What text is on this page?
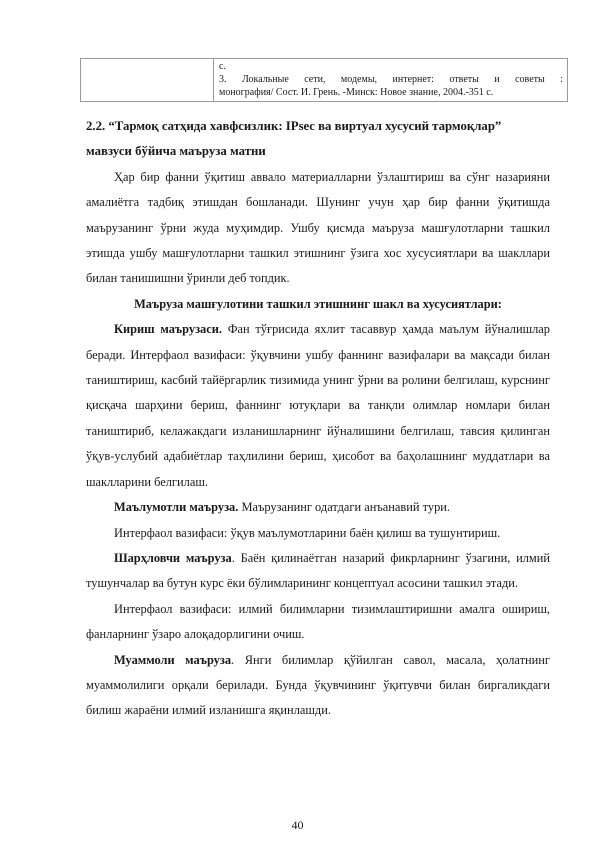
с.
3. Локальные сети, модемы, интернет: ответы и советы :
монография/ Сост. И. Грень. -Минск: Новое знание, 2004.-351 с.

2.2. “Тармоқ сатҳида хавфсизлик: IPsec ва виртуал хусусий тармоқлар”

мавзуси бўйича маъруза матни

Ҳар бир фанни ўқитиш аввало материалларни ўзлаштириш ва сўнг назарияни амалиётга тадбиқ этишдан бошланади. Шунинг учун ҳар бир фанни ўқитишда маърузанинг ўрни жуда муҳимдир. Ушбу қисмда маъруза машғулотларни ташкил этишда ушбу машғулотларни ташкил этишнинг ўзига хос хусусиятлари ва шакллари билан танишишни ўринли деб топдик.

Маъруза машғулотини ташкил этишнинг шакл ва хусусиятлари:

Кириш маърузаси. Фан тўғрисида яхлит тасаввур ҳамда маълум йўналишлар беради. Интерфаол вазифаси: ўқувчини ушбу фаннинг вазифалари ва мақсади билан таништириш, касбий тайёргарлик тизимида унинг ўрни ва ролини белгилаш, курснинг қисқача шарҳини бериш, фаннинг ютуқлари ва танқли олимлар номлари билан таништириб, келажакдаги изланишларнинг йўналишини белгилаш, тавсия қилинган ўқув-услубий адабиётлар таҳлилини бериш, ҳисобот ва баҳолашнинг муддатлари ва шаклларини белгилаш.

Маълумотли маъруза. Маърузанинг одатдаги анъанавий тури.

Интерфаол вазифаси: ўқув маълумотларини баён қилиш ва тушунтириш.

Шарҳловчи маъруза. Баён қилинаётган назарий фикрларнинг ўзагини, илмий тушунчалар ва бутун курс ёки бўлимларининг концептуал асосини ташкил этади.

Интерфаол вазифаси: илмий билимларни тизимлаштиришни амалга ошириш, фанларнинг ўзаро алоқадорлигини очиш.

Муаммоли маъруза. Янги билимлар қўйилган савол, масала, ҳолатнинг муаммолилиги орқали берилади. Бунда ўқувчининг ўқитувчи билан биргаликдаги билиш жараёни илмий изланишга яқинлашди.

40
